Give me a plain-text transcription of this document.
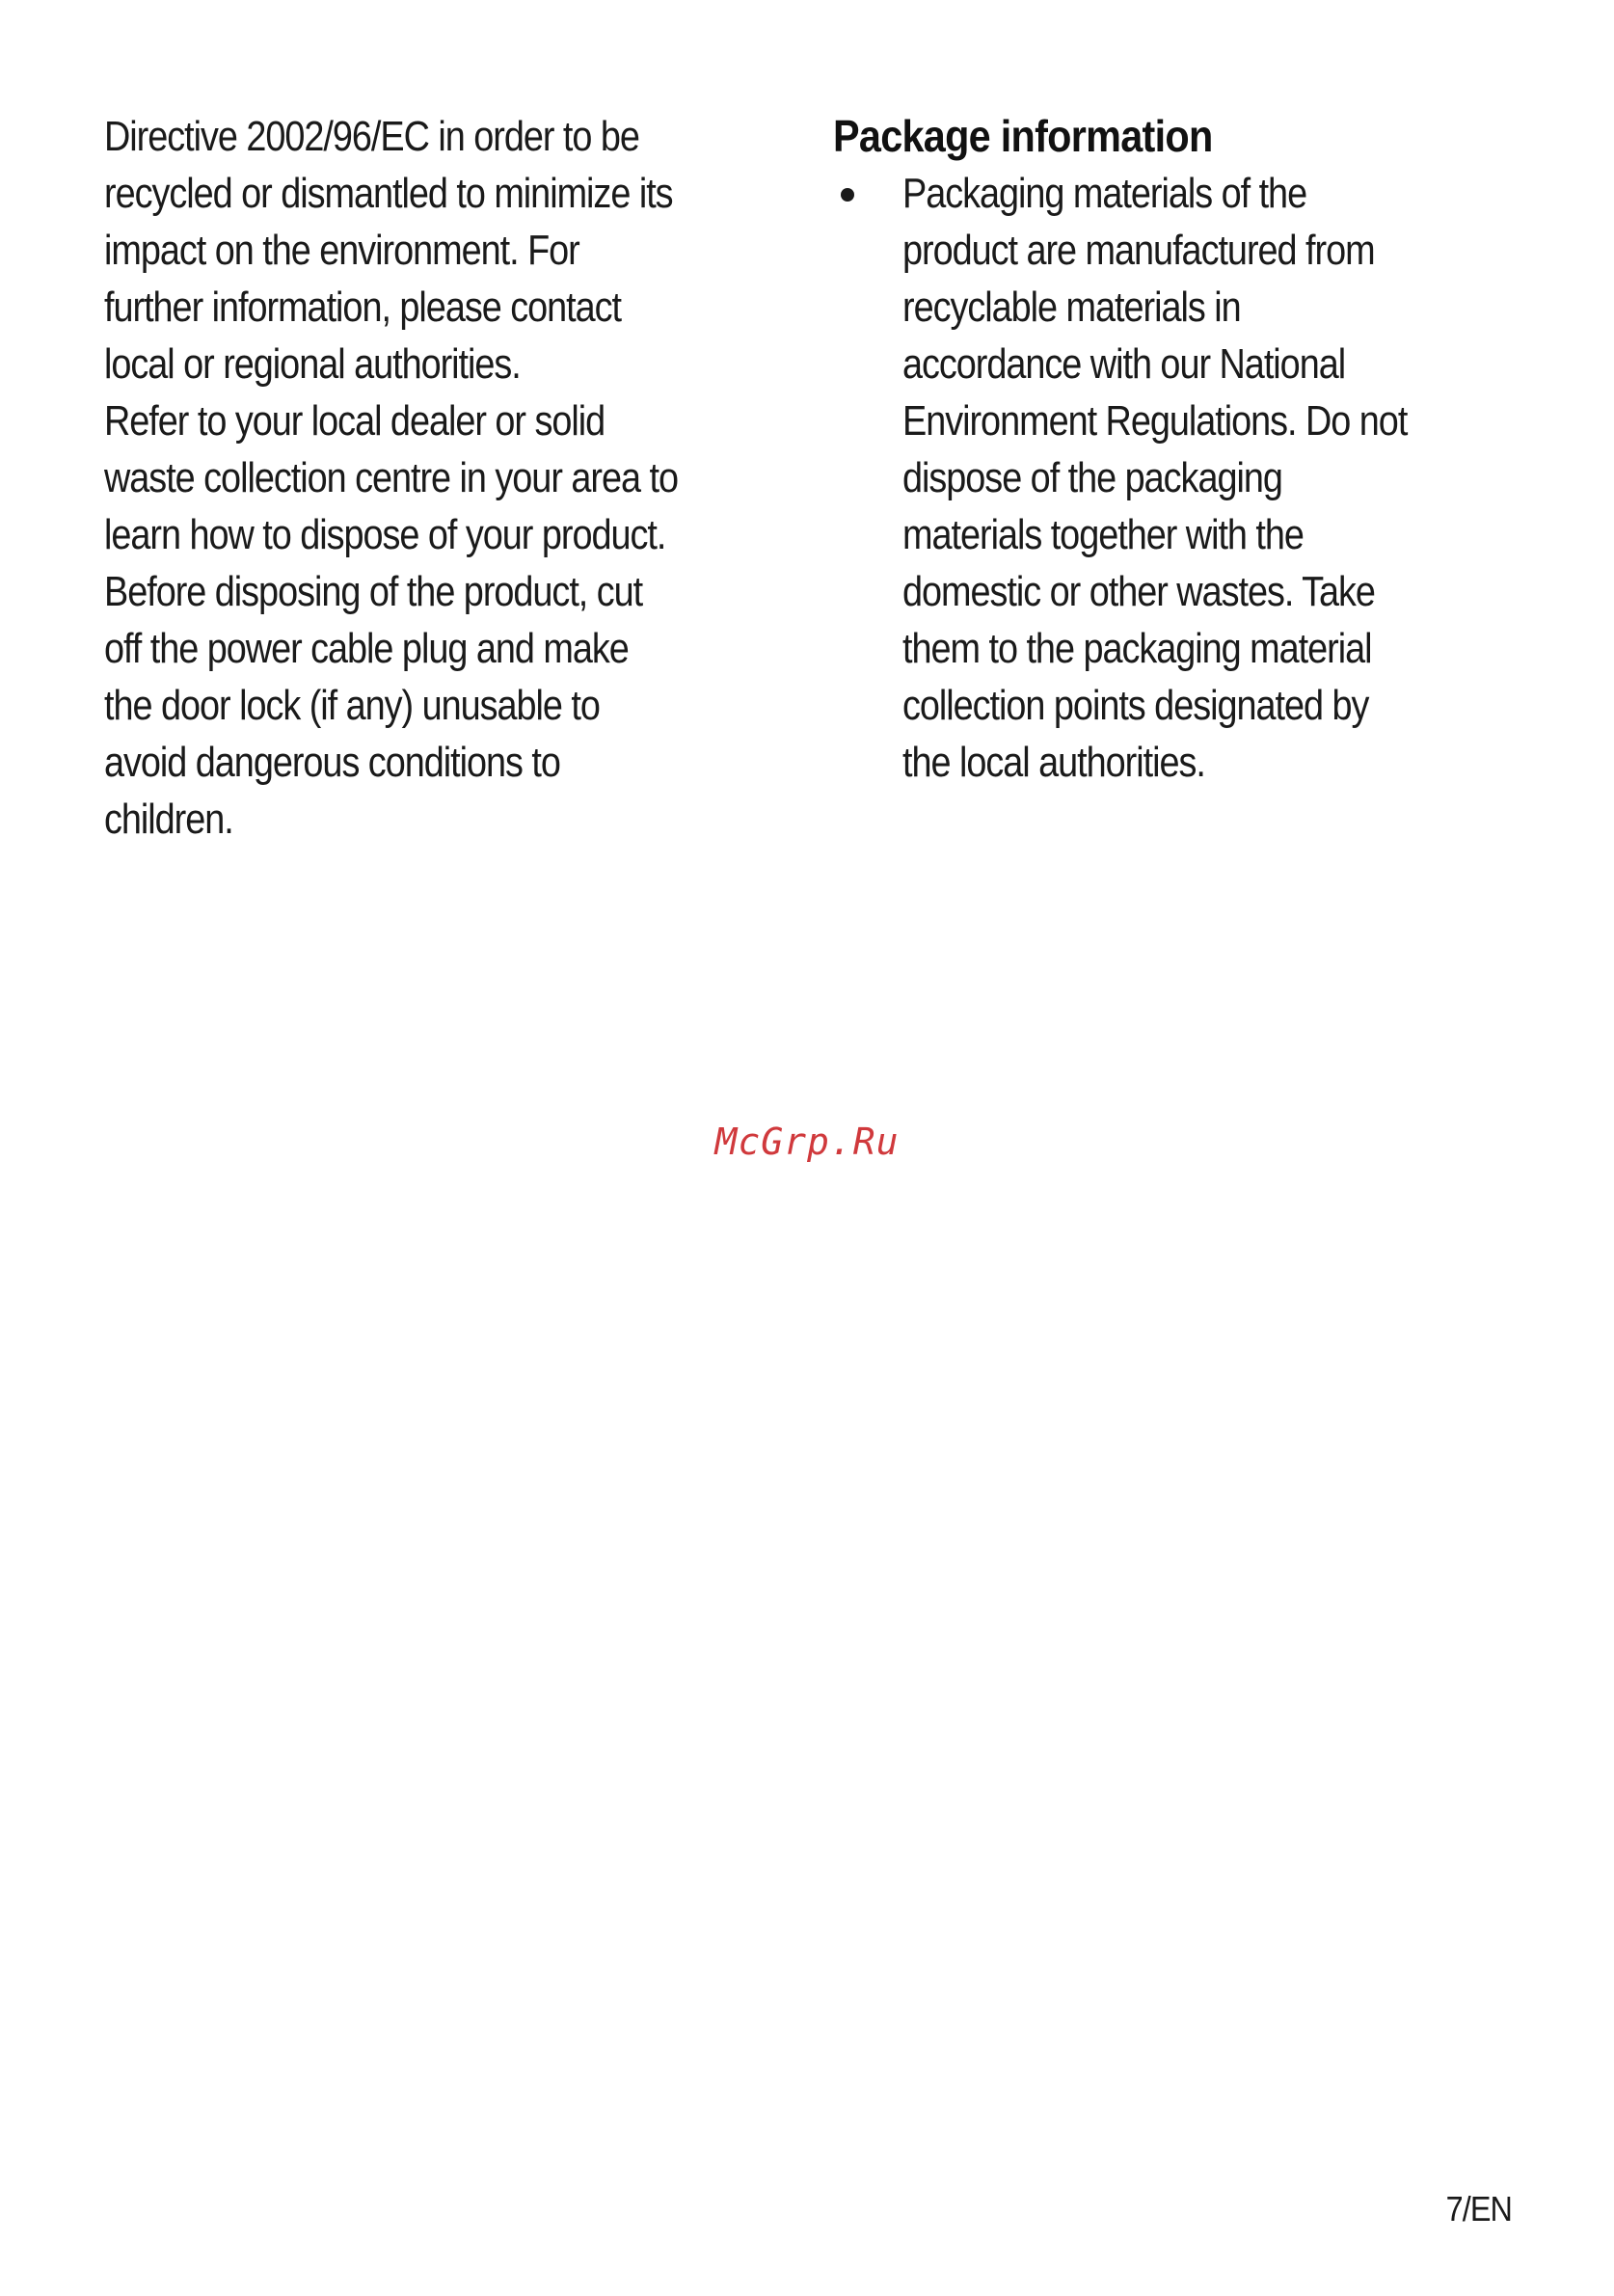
Directive 2002/96/EC in order to be
recycled or dismantled to minimize its
impact on the environment. For
further information, please contact
local or regional authorities.
Refer to your local dealer or solid
waste collection centre in your area to
learn how to dispose of your product.
Before disposing of the product, cut
off the power cable plug and make
the door lock (if any) unusable to
avoid dangerous conditions to
children.
Package information
Packaging materials of the
product are manufactured from
recyclable materials in
accordance with our National
Environment Regulations. Do not
dispose of the packaging
materials together with the
domestic or other wastes. Take
them to the packaging material
collection points designated by
the local authorities.
McGrp.Ru
7/EN
